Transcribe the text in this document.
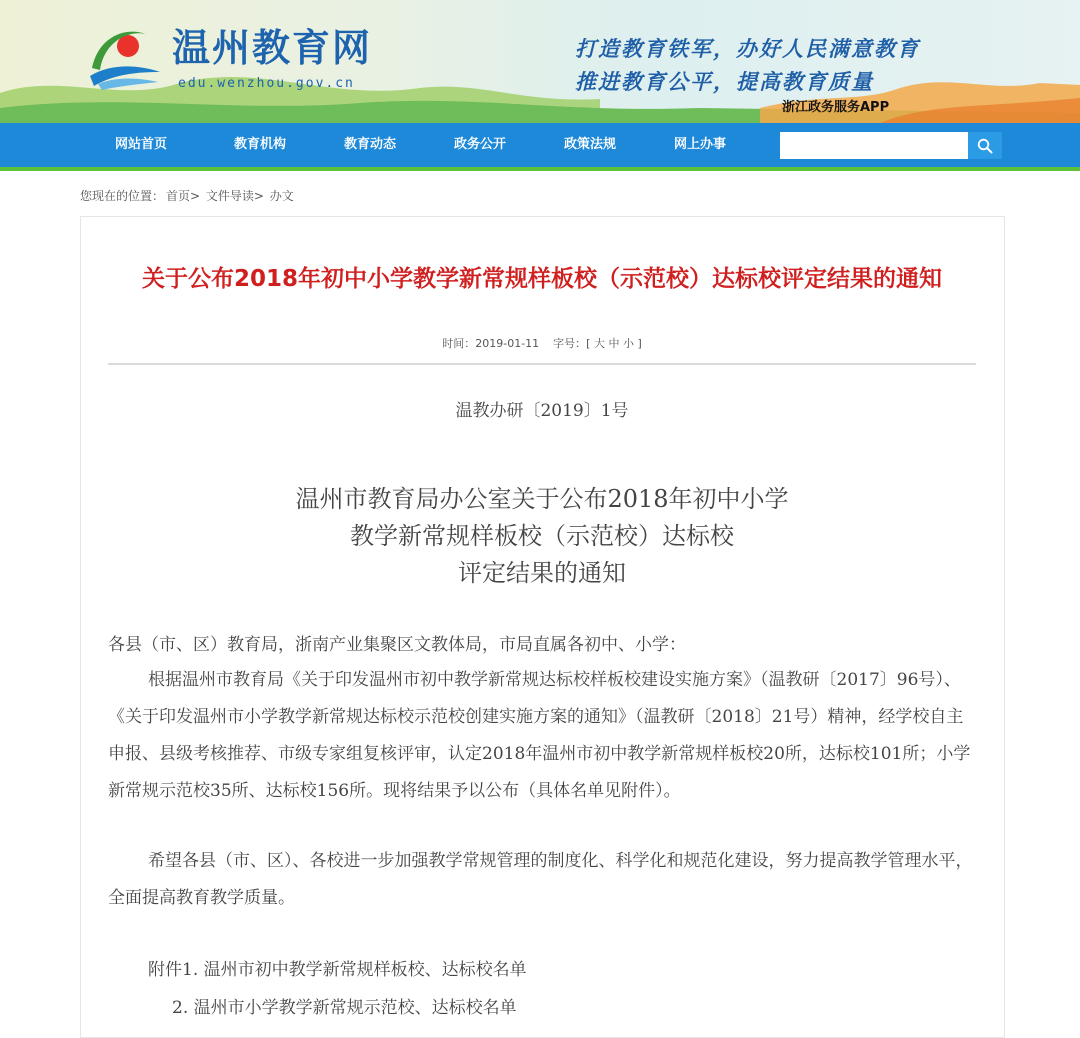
温州教育网
edu.wenzhou.gov.cn
打造教育铁军，办好人民满意教育
推进教育公平，提高教育质量
浙江政务服务APP
网站首页	教育机构	教育动态	政务公开	政策法规	网上办事
您现在的位置： 首页> 文件导读> 办文
关于公布2018年初中小学教学新常规样板校（示范校）达标校评定结果的通知
时间：2019-01-11 字号：[ 大 中 小 ]
温教办研〔2019〕1号
温州市教育局办公室关于公布2018年初中小学
教学新常规样板校（示范校）达标校
评定结果的通知
各县（市、区）教育局，浙南产业集聚区文教体局，市局直属各初中、小学：
根据温州市教育局《关于印发温州市初中教学新常规达标校样板校建设实施方案》（温教研〔2017〕96号）、《关于印发温州市小学教学新常规达标校示范校创建实施方案的通知》（温教研〔2018〕21号）精神，经学校自主申报、县级考核推荐、市级专家组复核评审，认定2018年温州市初中教学新常规样板校20所，达标校101所；小学新常规示范校35所、达标校156所。现将结果予以公布（具体名单见附件）。
希望各县（市、区）、各校进一步加强教学常规管理的制度化、科学化和规范化建设，努力提高教学管理水平，全面提高教育教学质量。
附件1. 温州市初中教学新常规样板校、达标校名单
2. 温州市小学教学新常规示范校、达标校名单
